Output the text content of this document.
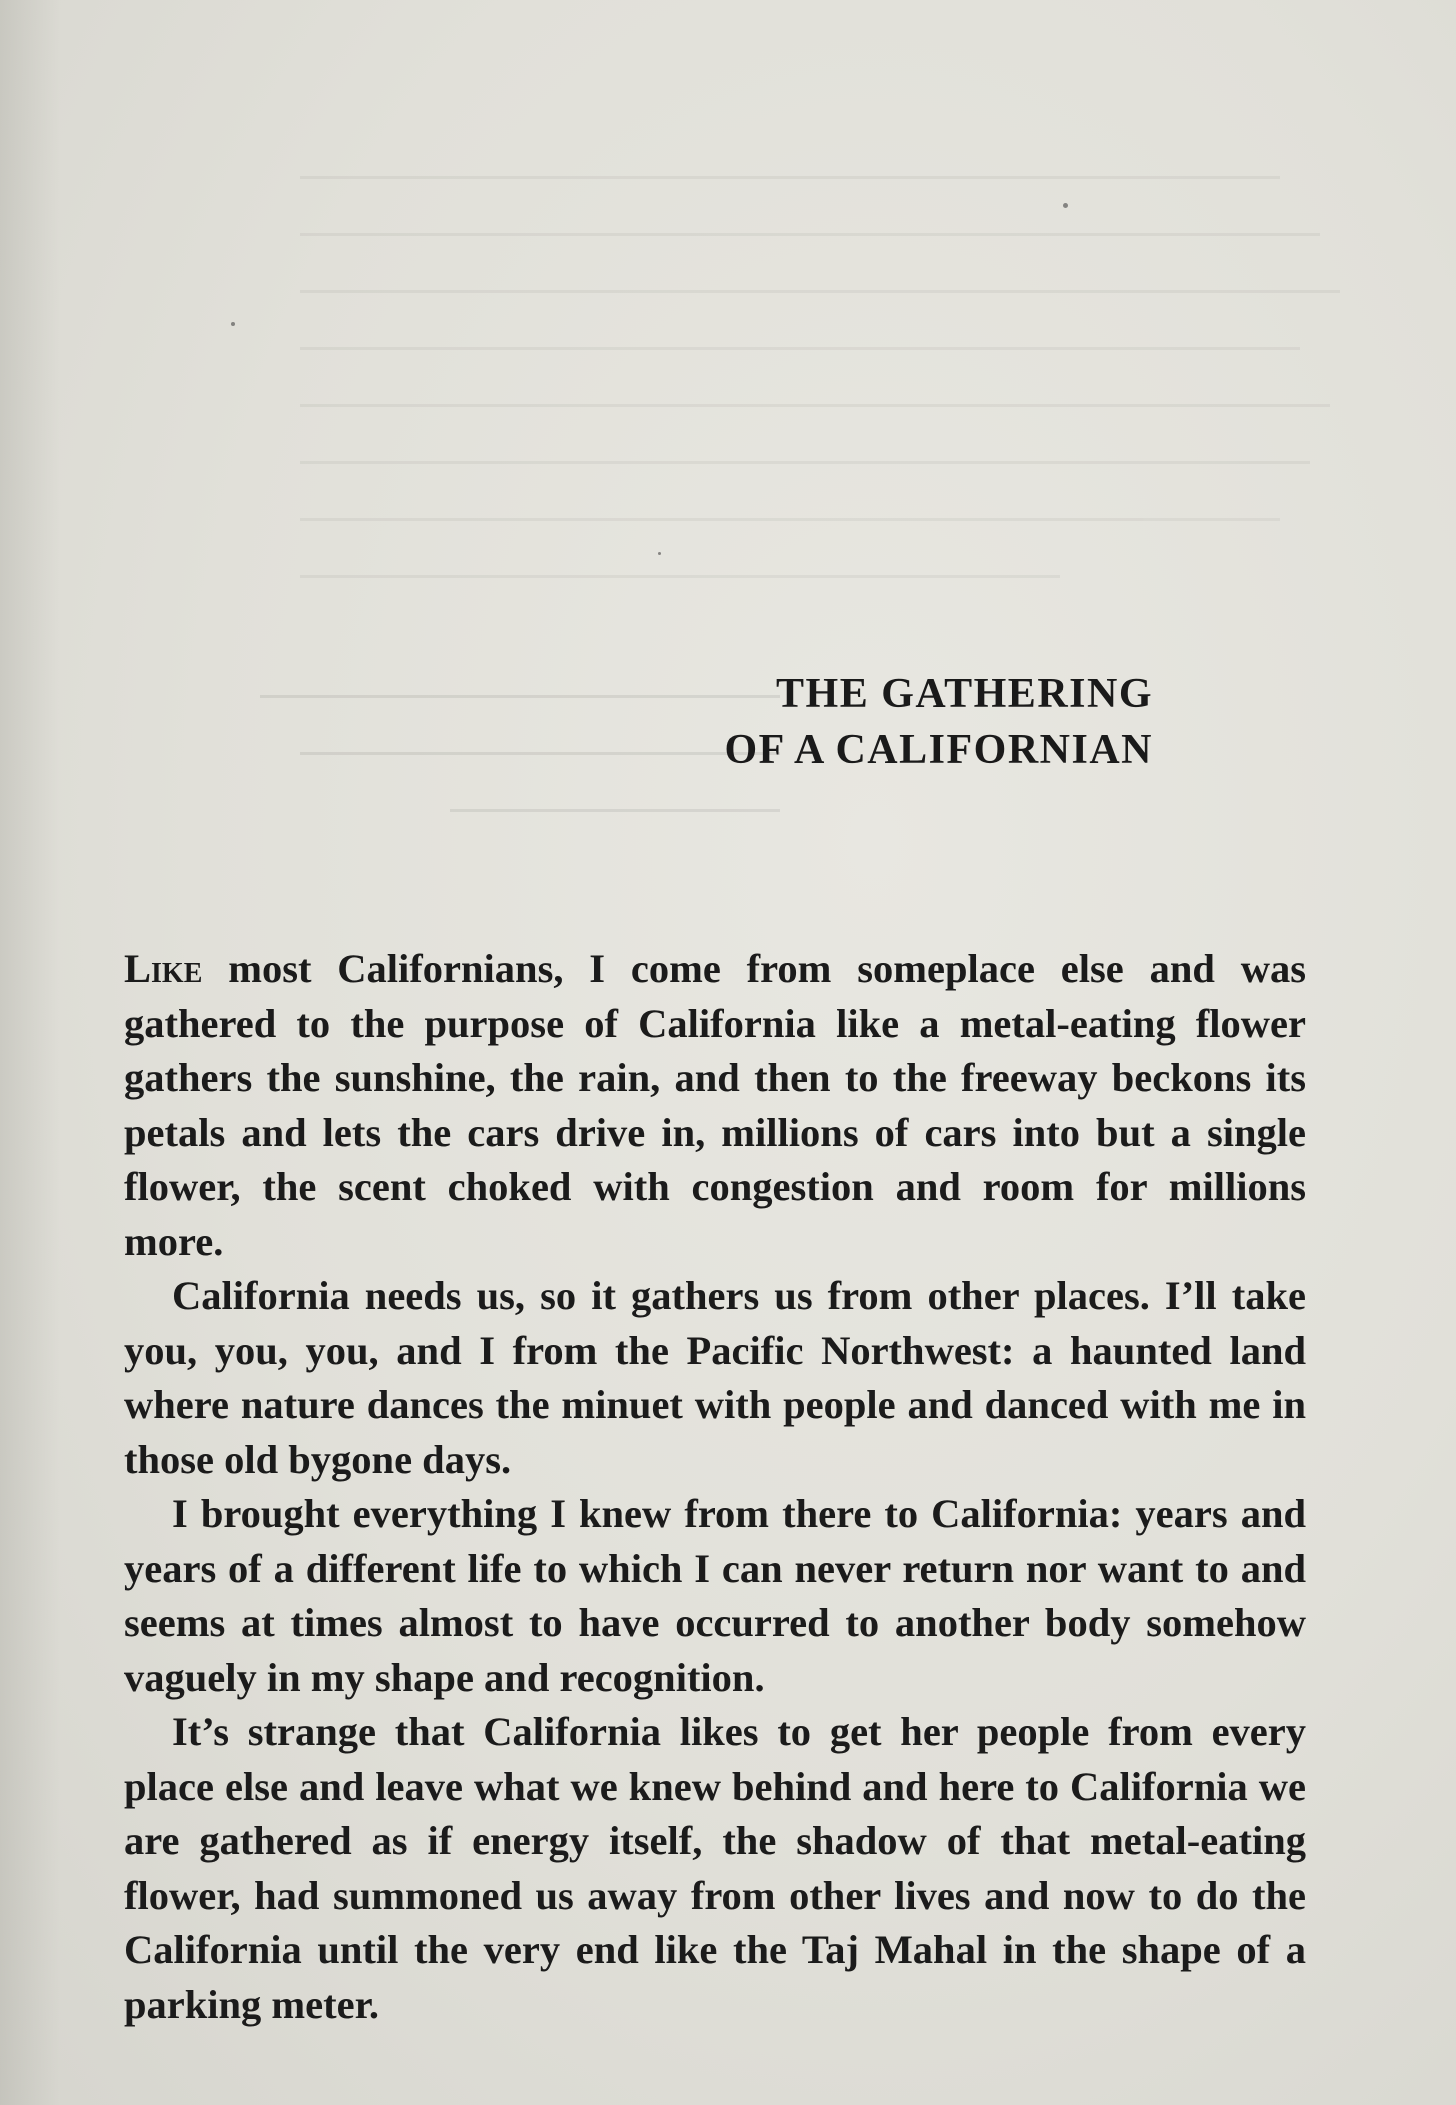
THE GATHERING
OF A CALIFORNIAN

Like most Californians, I come from someplace else and was gathered to the purpose of California like a metal-eating flower gathers the sunshine, the rain, and then to the freeway beckons its petals and lets the cars drive in, millions of cars into but a single flower, the scent choked with congestion and room for millions more.

California needs us, so it gathers us from other places. I’ll take you, you, you, and I from the Pacific Northwest: a haunted land where nature dances the minuet with people and danced with me in those old bygone days.

I brought everything I knew from there to California: years and years of a different life to which I can never return nor want to and seems at times almost to have occurred to another body somehow vaguely in my shape and recognition.

It’s strange that California likes to get her people from every place else and leave what we knew behind and here to California we are gathered as if energy itself, the shadow of that metal-eating flower, had summoned us away from other lives and now to do the California until the very end like the Taj Mahal in the shape of a parking meter.
